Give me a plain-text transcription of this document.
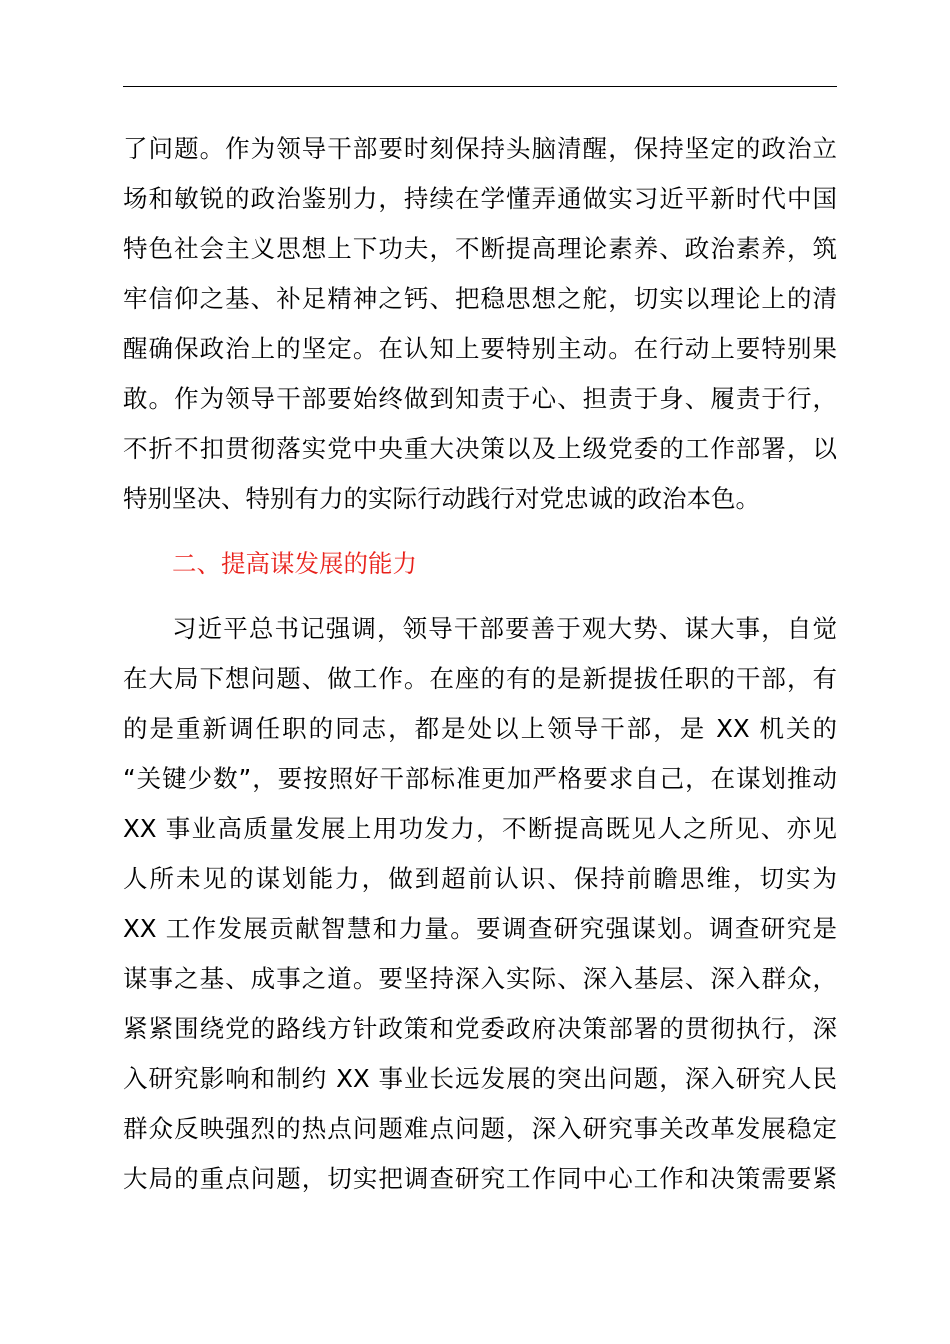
了问题。作为领导干部要时刻保持头脑清醒，保持坚定的政治立
场和敏锐的政治鉴别力，持续在学懂弄通做实习近平新时代中国
特色社会主义思想上下功夫，不断提高理论素养、政治素养，筑
牢信仰之基、补足精神之钙、把稳思想之舵，切实以理论上的清
醒确保政治上的坚定。在认知上要特别主动。在行动上要特别果
敢。作为领导干部要始终做到知责于心、担责于身、履责于行，
不折不扣贯彻落实党中央重大决策以及上级党委的工作部署，以
特别坚决、特别有力的实际行动践行对党忠诚的政治本色。
二、提高谋发展的能力
习近平总书记强调，领导干部要善于观大势、谋大事，自觉
在大局下想问题、做工作。在座的有的是新提拔任职的干部，有
的是重新调任职的同志，都是处以上领导干部，是 XX 机关的
“关键少数”，要按照好干部标准更加严格要求自己，在谋划推动
XX 事业高质量发展上用功发力，不断提高既见人之所见、亦见
人所未见的谋划能力，做到超前认识、保持前瞻思维，切实为
XX 工作发展贡献智慧和力量。要调查研究强谋划。调查研究是
谋事之基、成事之道。要坚持深入实际、深入基层、深入群众，
紧紧围绕党的路线方针政策和党委政府决策部署的贯彻执行，深
入研究影响和制约 XX 事业长远发展的突出问题，深入研究人民
群众反映强烈的热点问题难点问题，深入研究事关改革发展稳定
大局的重点问题，切实把调查研究工作同中心工作和决策需要紧
